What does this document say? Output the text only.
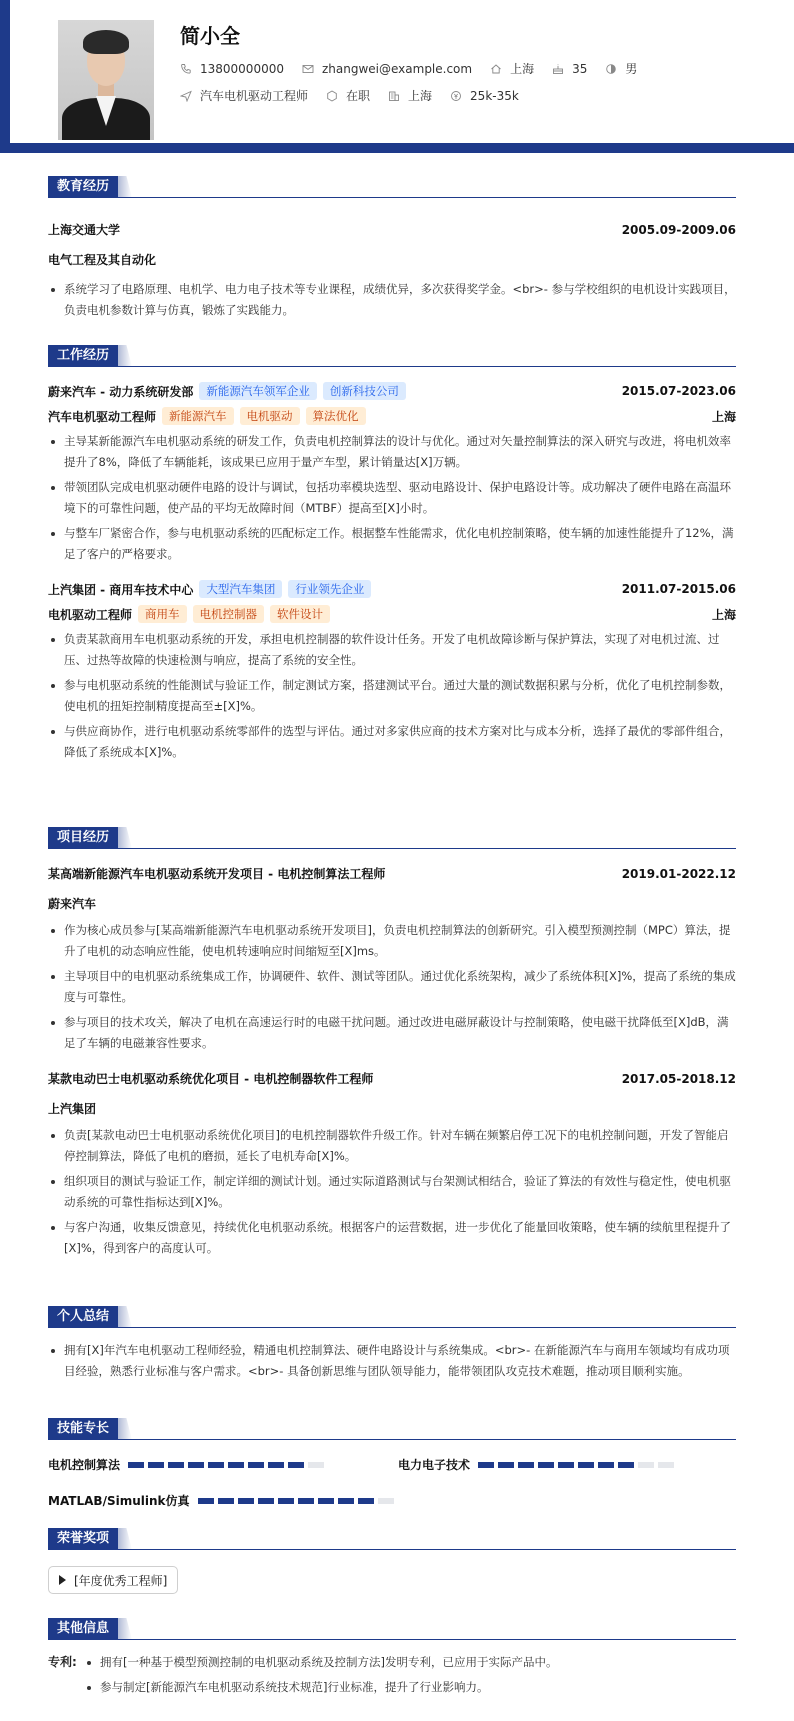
简小全
13800000000	zhangwei@example.com	上海	35	男
汽车电机驱动工程师	在职	上海	25k-35k
教育经历
上海交通大学	2005.09-2009.06
电气工程及其自动化
系统学习了电路原理、电机学、电力电子技术等专业课程，成绩优异，多次获得奖学金。<br>- 参与学校组织的电机设计实践项目，负责电机参数计算与仿真，锻炼了实践能力。
工作经历
蔚来汽车 - 动力系统研发部	新能源汽车领军企业	创新科技公司	2015.07-2023.06
汽车电机驱动工程师	新能源汽车	电机驱动	算法优化	上海
主导某新能源汽车电机驱动系统的研发工作，负责电机控制算法的设计与优化。通过对矢量控制算法的深入研究与改进，将电机效率提升了8%，降低了车辆能耗，该成果已应用于量产车型，累计销量达[X]万辆。
带领团队完成电机驱动硬件电路的设计与调试，包括功率模块选型、驱动电路设计、保护电路设计等。成功解决了硬件电路在高温环境下的可靠性问题，使产品的平均无故障时间（MTBF）提高至[X]小时。
与整车厂紧密合作，参与电机驱动系统的匹配标定工作。根据整车性能需求，优化电机控制策略，使车辆的加速性能提升了12%，满足了客户的严格要求。
上汽集团 - 商用车技术中心	大型汽车集团	行业领先企业	2011.07-2015.06
电机驱动工程师	商用车	电机控制器	软件设计	上海
负责某款商用车电机驱动系统的开发，承担电机控制器的软件设计任务。开发了电机故障诊断与保护算法，实现了对电机过流、过压、过热等故障的快速检测与响应，提高了系统的安全性。
参与电机驱动系统的性能测试与验证工作，制定测试方案，搭建测试平台。通过大量的测试数据积累与分析，优化了电机控制参数，使电机的扭矩控制精度提高至±[X]%。
与供应商协作，进行电机驱动系统零部件的选型与评估。通过对多家供应商的技术方案对比与成本分析，选择了最优的零部件组合，降低了系统成本[X]%。
项目经历
某高端新能源汽车电机驱动系统开发项目 - 电机控制算法工程师	2019.01-2022.12
蔚来汽车
作为核心成员参与[某高端新能源汽车电机驱动系统开发项目]，负责电机控制算法的创新研究。引入模型预测控制（MPC）算法，提升了电机的动态响应性能，使电机转速响应时间缩短至[X]ms。
主导项目中的电机驱动系统集成工作，协调硬件、软件、测试等团队。通过优化系统架构，减少了系统体积[X]%，提高了系统的集成度与可靠性。
参与项目的技术攻关，解决了电机在高速运行时的电磁干扰问题。通过改进电磁屏蔽设计与控制策略，使电磁干扰降低至[X]dB，满足了车辆的电磁兼容性要求。
某款电动巴士电机驱动系统优化项目 - 电机控制器软件工程师	2017.05-2018.12
上汽集团
负责[某款电动巴士电机驱动系统优化项目]的电机控制器软件升级工作。针对车辆在频繁启停工况下的电机控制问题，开发了智能启停控制算法，降低了电机的磨损，延长了电机寿命[X]%。
组织项目的测试与验证工作，制定详细的测试计划。通过实际道路测试与台架测试相结合，验证了算法的有效性与稳定性，使电机驱动系统的可靠性指标达到[X]%。
与客户沟通，收集反馈意见，持续优化电机驱动系统。根据客户的运营数据，进一步优化了能量回收策略，使车辆的续航里程提升了[X]%，得到客户的高度认可。
个人总结
拥有[X]年汽车电机驱动工程师经验，精通电机控制算法、硬件电路设计与系统集成。<br>- 在新能源汽车与商用车领域均有成功项目经验，熟悉行业标准与客户需求。<br>- 具备创新思维与团队领导能力，能带领团队攻克技术难题，推动项目顺利实施。
技能专长
电机控制算法	电力电子技术
MATLAB/Simulink仿真
荣誉奖项
[年度优秀工程师]
其他信息
专利:	拥有[一种基于模型预测控制的电机驱动系统及控制方法]发明专利，已应用于实际产品中。
参与制定[新能源汽车电机驱动系统技术规范]行业标准，提升了行业影响力。
